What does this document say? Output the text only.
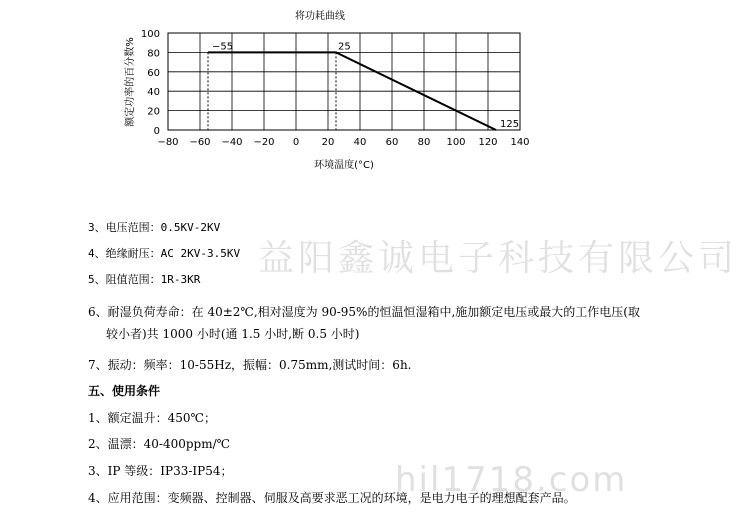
将功耗曲线
−80 −60 −40 −20 0 20 40 60 80 100 120 140
0
20
40
60
80
100
−55	25
125
环境温度(°C)
额定功率的百分数%
益阳鑫诚电子科技有限公司
3、电压范围：0.5KV-2KV
4、绝缘耐压：AC 2KV-3.5KV
5、阻值范围：1R-3KR
6、耐湿负荷寿命：在 40±2℃,相对湿度为 90-95%的恒温恒湿箱中,施加额定电压或最大的工作电压(取
较小者)共 1000 小时(通 1.5 小时,断 0.5 小时)
7、振动：频率：10-55Hz，振幅：0.75mm,测试时间：6h.
五、使用条件
1、额定温升：450℃；
2、温漂：40-400ppm/℃
3、IP 等级：IP33-IP54；
4、应用范围：变频器、控制器、伺服及高要求恶工况的环境，是电力电子的理想配套产品。
hil1718.com
